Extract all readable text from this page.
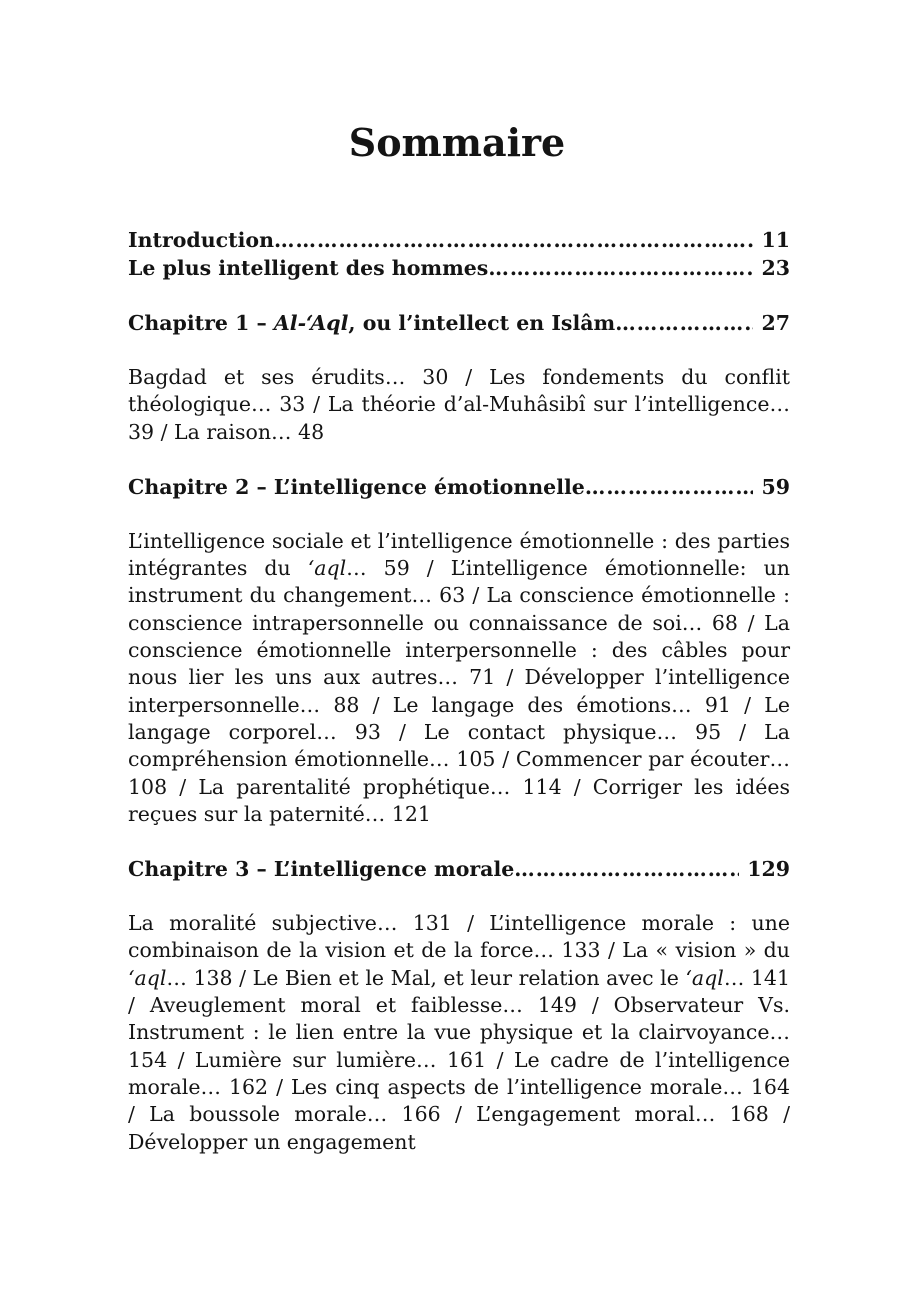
Sommaire
Introduction …………………………………………………………………………………………………………………………………………	11
Le plus intelligent des hommes …………………………………………………………………………………………………………………………………………	23
Chapitre 1 – Al-‘Aql, ou l’intellect en Islâm …………………………………………………………………………………………………………………………………………	27

Bagdad et ses érudits… 30 / Les fondements du conflit théologique… 33 / La théorie d’al-Muhâsibî sur l’intelligence… 39 / La raison… 48

Chapitre 2 – L’intelligence émotionnelle …………………………………………………………………………………………………………………………………………	59

L’intelligence sociale et l’intelligence émotionnelle : des parties intégrantes du ‘aql… 59 / L’intelligence émotionnelle: un instrument du changement… 63 / La conscience émotionnelle : conscience intrapersonnelle ou connaissance de soi… 68 / La conscience émotionnelle interpersonnelle : des câbles pour nous lier les uns aux autres… 71 / Développer l’intelligence interpersonnelle… 88 / Le langage des émotions… 91 / Le langage corporel… 93 / Le contact physique… 95 / La compréhension émotionnelle… 105 / Commencer par écouter… 108 / La parentalité prophétique… 114 / Corriger les idées reçues sur la paternité… 121

Chapitre 3 – L’intelligence morale …………………………………………………………………………………………………………………………………………	129

La moralité subjective… 131 / L’intelligence morale : une combinaison de la vision et de la force… 133 / La « vision » du ‘aql… 138 / Le Bien et le Mal, et leur relation avec le ‘aql… 141 / Aveuglement moral et faiblesse… 149 / Observateur Vs. Instrument : le lien entre la vue physique et la clairvoyance… 154 / Lumière sur lumière… 161 / Le cadre de l’intelligence morale… 162 / Les cinq aspects de l’intelligence morale… 164 / La boussole morale… 166 / L’engagement moral… 168 / Développer un engagement
